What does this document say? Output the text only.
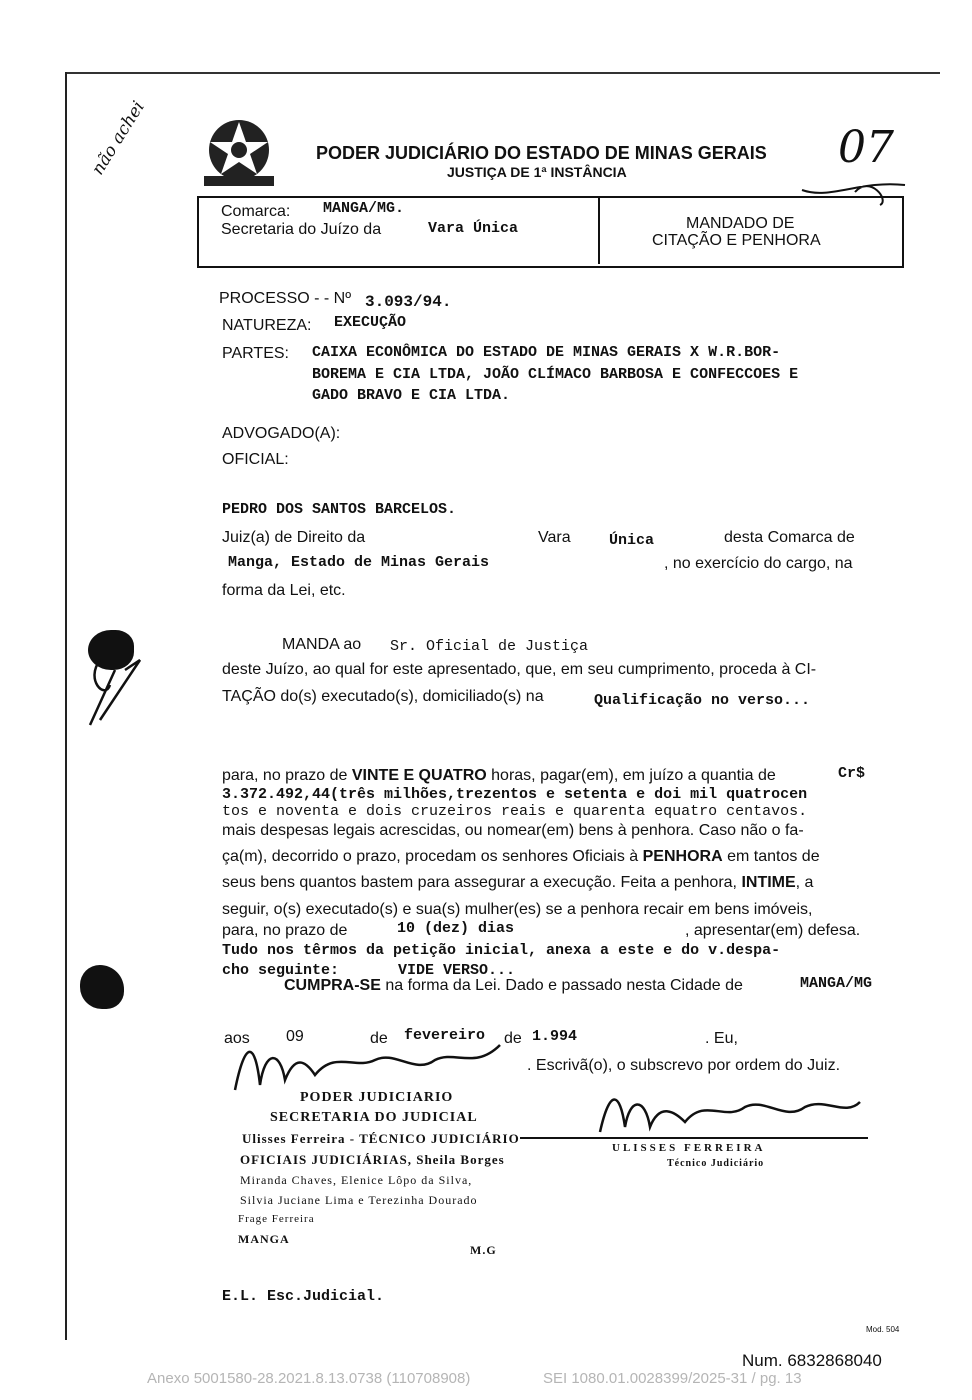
não achei	PODER JUDICIÁRIO DO ESTADO DE MINAS GERAIS
JUSTIÇA DE 1ª INSTÂNCIA	07
Comarca: MANGA/MG.
Secretaria do Juízo da	Vara Única	MANDADO DE
CITAÇÃO E PENHORA
PROCESSO - - Nº 3.093/94.
NATUREZA: EXECUÇÃO
PARTES: CAIXA ECONÔMICA DO ESTADO DE MINAS GERAIS X W.R.BOR-
BOREMA E CIA LTDA, JOÃO CLÍMACO BARBOSA E CONFECCOES E
GADO BRAVO E CIA LTDA.
ADVOGADO(A):
OFICIAL:
PEDRO DOS SANTOS BARCELOS.
Juiz(a) de Direito da	Vara	Única	desta Comarca de
Manga, Estado de Minas Gerais	, no exercício do cargo, na
forma da Lei, etc.
MANDA ao Sr. Oficial de Justiça
deste Juízo, ao qual for este apresentado, que, em seu cumprimento, proceda à CI-
TAÇÃO do(s) executado(s), domiciliado(s) na	Qualificação no verso...
para, no prazo de VINTE E QUATRO horas, pagar(em), em juízo a quantia de	Cr$
3.372.492,44(três milhões,trezentos e setenta e doi mil quatrocen
tos e noventa e dois cruzeiros reais e quarenta equatro centavos.
mais despesas legais acrescidas, ou nomear(em) bens à penhora. Caso não o fa-
ça(m), decorrido o prazo, procedam os senhores Oficiais à PENHORA em tantos de
seus bens quantos bastem para assegurar a execução. Feita a penhora, INTIME, a
seguir, o(s) executado(s) e sua(s) mulher(es) se a penhora recair em bens imóveis,
para, no prazo de	10 (dez) dias	, apresentar(em) defesa.
Tudo nos têrmos da petição inicial, anexa a este e do v.despa-
cho seguinte:	VIDE VERSO...
CUMPRA-SE na forma da Lei. Dado e passado nesta Cidade de	MANGA/MG
aos 09	de fevereiro de 1.994	. Eu,
. Escrivã(o), o subscrevo por ordem do Juiz.
PODER JUDICIARIO
SECRETARIA DO JUDICIAL
Ulisses Ferreira - TÉCNICO JUDICIÁRIO
OFICIAIS JUDICIÁRIAS, Sheila Borges
Miranda Chaves, Elenice Lôpo da Silva,
Silvia Juciane Lima e Terezinha Dourado
Frage Ferreira
MANGA
M.G
ULISSES FERREIRA
Técnico Judiciário
E.L. Esc.Judicial.
Mod. 504
Num. 6832868040
Anexo 5001580-28.2021.8.13.0738 (110708908)	SEI 1080.01.0028399/2025-31 / pg. 13
